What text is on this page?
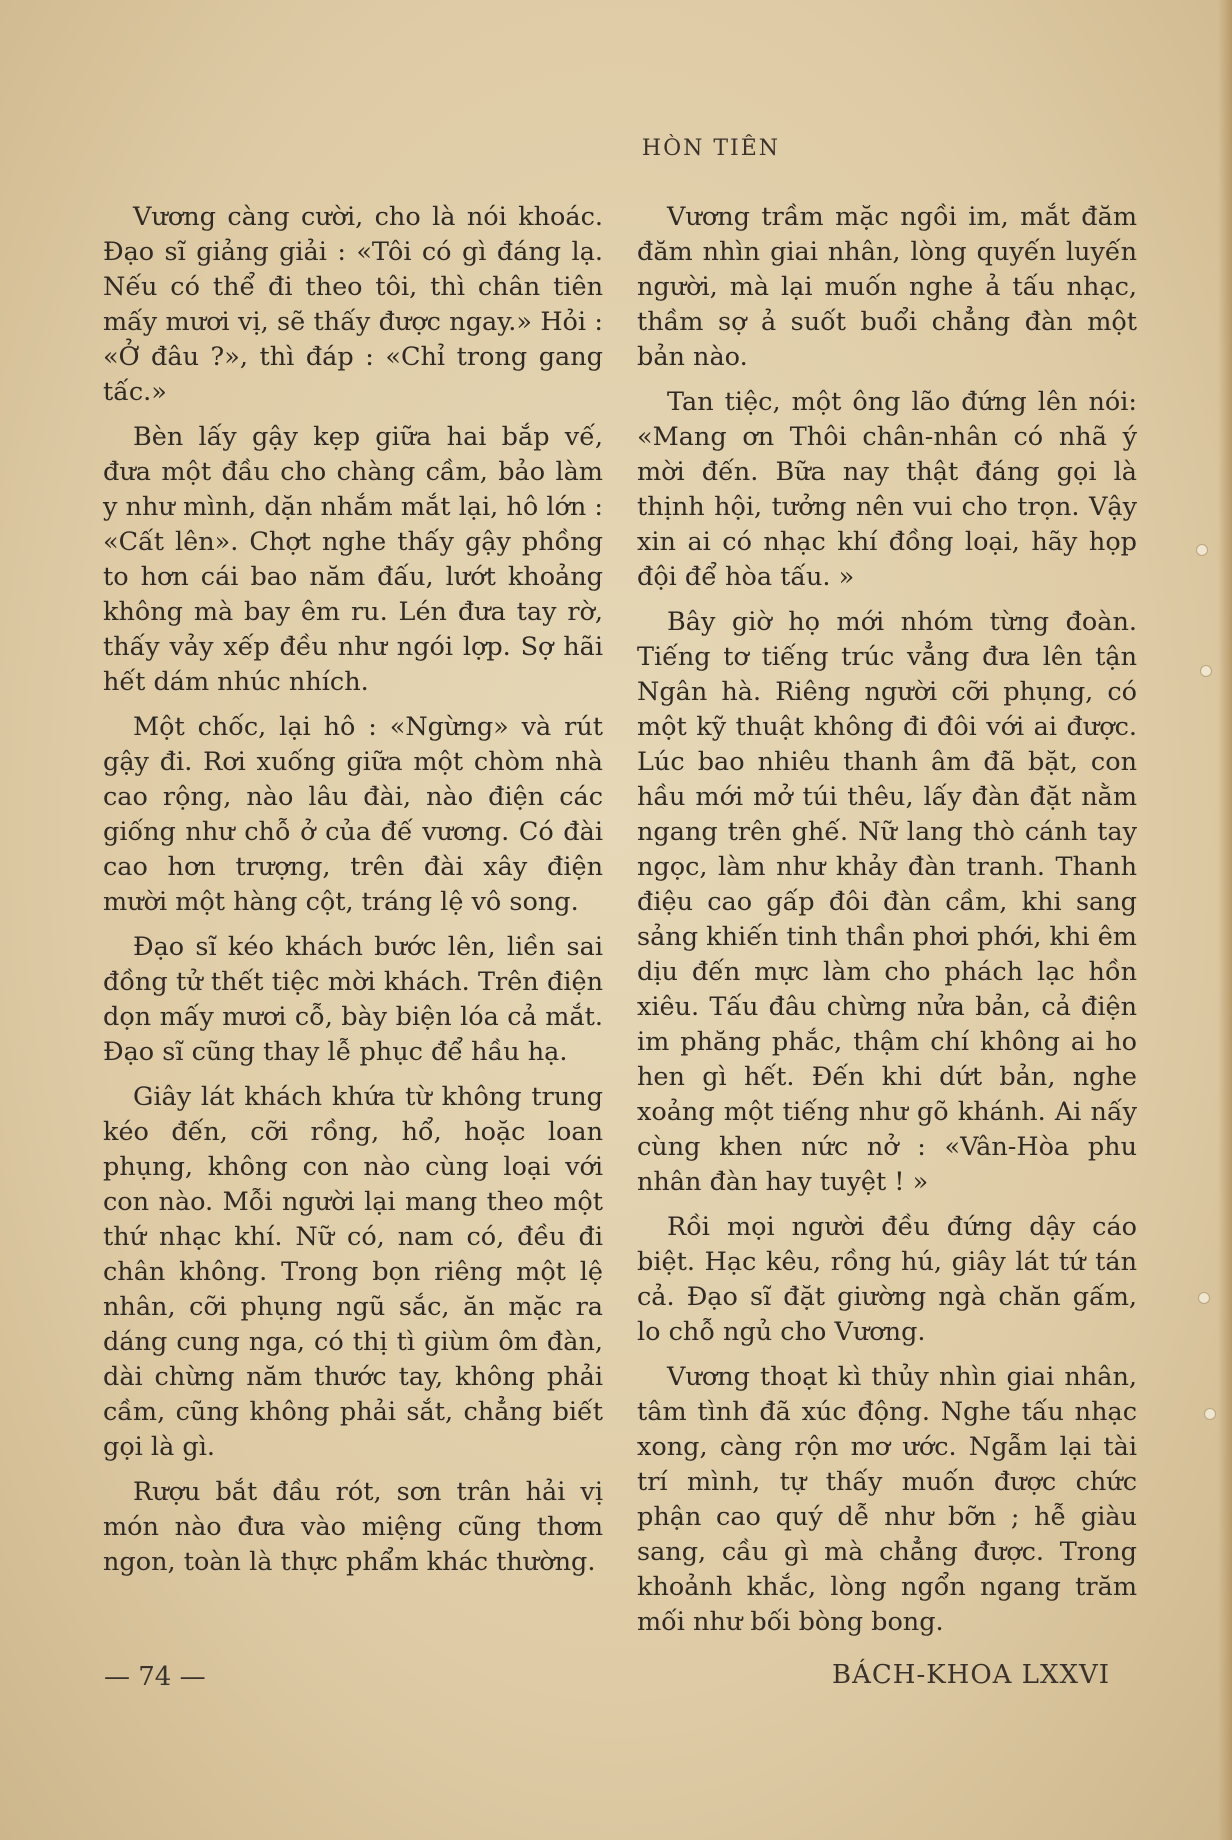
HÒN TIÊN

Vương càng cười, cho là nói khoác. Đạo sĩ giảng giải : «Tôi có gì đáng lạ. Nếu có thể đi theo tôi, thì chân tiên mấy mươi vị, sẽ thấy được ngay.» Hỏi : «Ở đâu ?», thì đáp : «Chỉ trong gang tấc.»

Bèn lấy gậy kẹp giữa hai bắp vế, đưa một đầu cho chàng cầm, bảo làm y như mình, dặn nhắm mắt lại, hô lớn : «Cất lên». Chợt nghe thấy gậy phồng to hơn cái bao năm đấu, lướt khoảng không mà bay êm ru. Lén đưa tay rờ, thấy vảy xếp đều như ngói lợp. Sợ hãi hết dám nhúc nhích.

Một chốc, lại hô : «Ngừng» và rút gậy đi. Rơi xuống giữa một chòm nhà cao rộng, nào lâu đài, nào điện các giống như chỗ ở của đế vương. Có đài cao hơn trượng, trên đài xây điện mười một hàng cột, tráng lệ vô song.

Đạo sĩ kéo khách bước lên, liền sai đồng tử thết tiệc mời khách. Trên điện dọn mấy mươi cỗ, bày biện lóa cả mắt. Đạo sĩ cũng thay lễ phục để hầu hạ.

Giây lát khách khứa từ không trung kéo đến, cỡi rồng, hổ, hoặc loan phụng, không con nào cùng loại với con nào. Mỗi người lại mang theo một thứ nhạc khí. Nữ có, nam có, đều đi chân không. Trong bọn riêng một lệ nhân, cỡi phụng ngũ sắc, ăn mặc ra dáng cung nga, có thị tì giùm ôm đàn, dài chừng năm thước tay, không phải cầm, cũng không phải sắt, chẳng biết gọi là gì.

Rượu bắt đầu rót, sơn trân hải vị món nào đưa vào miệng cũng thơm ngon, toàn là thực phẩm khác thường.

Vương trầm mặc ngồi im, mắt đăm đăm nhìn giai nhân, lòng quyến luyến người, mà lại muốn nghe ả tấu nhạc, thầm sợ ả suốt buổi chẳng đàn một bản nào.

Tan tiệc, một ông lão đứng lên nói: «Mang ơn Thôi chân-nhân có nhã ý mời đến. Bữa nay thật đáng gọi là thịnh hội, tưởng nên vui cho trọn. Vậy xin ai có nhạc khí đồng loại, hãy họp đội để hòa tấu. »

Bây giờ họ mới nhóm từng đoàn. Tiếng tơ tiếng trúc vẳng đưa lên tận Ngân hà. Riêng người cỡi phụng, có một kỹ thuật không đi đôi với ai được. Lúc bao nhiêu thanh âm đã bặt, con hầu mới mở túi thêu, lấy đàn đặt nằm ngang trên ghế. Nữ lang thò cánh tay ngọc, làm như khảy đàn tranh. Thanh điệu cao gấp đôi đàn cầm, khi sang sảng khiến tinh thần phơi phới, khi êm dịu đến mực làm cho phách lạc hồn xiêu. Tấu đâu chừng nửa bản, cả điện im phăng phắc, thậm chí không ai ho hen gì hết. Đến khi dứt bản, nghe xoảng một tiếng như gõ khánh. Ai nấy cùng khen nức nở : «Vân-Hòa phu nhân đàn hay tuyệt ! »

Rồi mọi người đều đứng dậy cáo biệt. Hạc kêu, rồng hú, giây lát tứ tán cả. Đạo sĩ đặt giường ngà chăn gấm, lo chỗ ngủ cho Vương.

Vương thoạt kì thủy nhìn giai nhân, tâm tình đã xúc động. Nghe tấu nhạc xong, càng rộn mơ ước. Ngẫm lại tài trí mình, tự thấy muốn được chức phận cao quý dễ như bỡn ; hễ giàu sang, cầu gì mà chẳng được. Trong khoảnh khắc, lòng ngổn ngang trăm mối như bối bòng bong.

— 74 —	BÁCH-KHOA LXXVI
